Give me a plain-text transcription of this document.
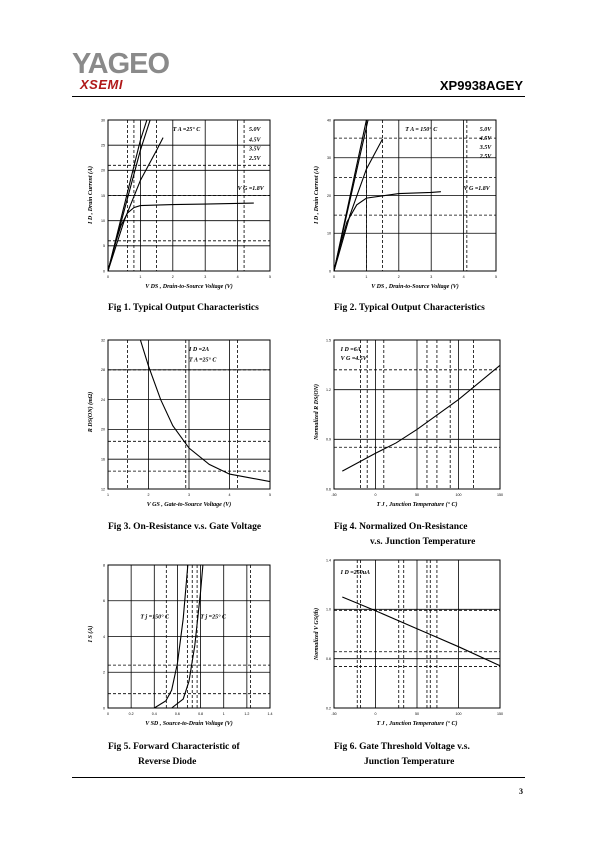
YAGEO
XSEMI	XP9938AGEY
0	1	2	3	4	5
0
5
10
15
20
25
30
V DS , Drain-to-Source Voltage (V)
I D , Drain Current (A)
T A =25° C	5.0V
4.5V
3.5V
2.5V
V G =1.8V
Fig 1. Typical Output Characteristics
0	1	2	3	4	5
0
10
20
30
40
V DS , Drain-to-Source Voltage (V)
I D , Drain Current (A)
T A = 150° C	5.0V
4.5V
3.5V
2.5V
V G =1.8V
Fig 2. Typical Output Characteristics
1	2	3	4	5
12
16
20
24
28
32
V GS , Gate-to-Source Voltage (V)
R DS(ON) (mΩ)
I D =2A
T A =25° C
Fig 3. On-Resistance v.s. Gate Voltage
-50	0	50	100	150
0.6
0.9
1.2
1.5
T J , Junction Temperature (° C)
Normalized R DS(ON)
I D =6A
V G =4.5V
Fig 4. Normalized On-Resistance
v.s. Junction Temperature
0	0.2	0.4	0.6	0.8	1	1.2	1.4
0
2
4
6
8
V SD , Source-to-Drain Voltage (V)
I S (A)
T j =150° C	T j =25° C
Fig 5. Forward Characteristic of
Reverse Diode
-50	0	50	100	150
0.2
0.6
1.0
1.4
T J , Junction Temperature (° C)
Normalized V GS(th)
I D =250uA
Fig 6. Gate Threshold Voltage v.s.
Junction Temperature
3
